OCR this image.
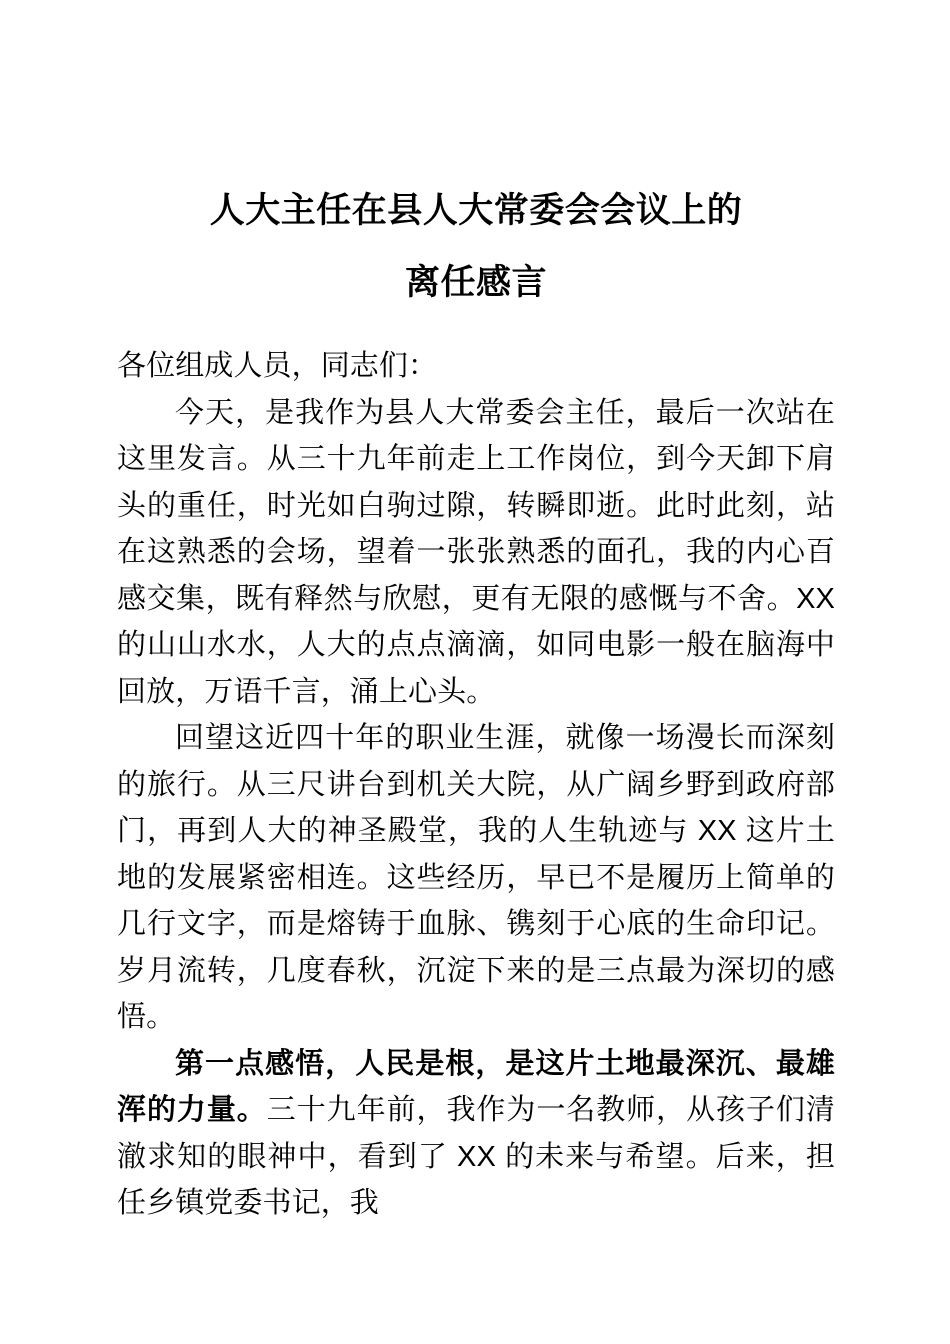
人大主任在县人大常委会会议上的
离任感言

各位组成人员，同志们：

今天，是我作为县人大常委会主任，最后一次站在这里发言。从三十九年前走上工作岗位，到今天卸下肩头的重任，时光如白驹过隙，转瞬即逝。此时此刻，站在这熟悉的会场，望着一张张熟悉的面孔，我的内心百感交集，既有释然与欣慰，更有无限的感慨与不舍。XX 的山山水水，人大的点点滴滴，如同电影一般在脑海中回放，万语千言，涌上心头。

回望这近四十年的职业生涯，就像一场漫长而深刻的旅行。从三尺讲台到机关大院，从广阔乡野到政府部门，再到人大的神圣殿堂，我的人生轨迹与 XX 这片土地的发展紧密相连。这些经历，早已不是履历上简单的几行文字，而是熔铸于血脉、镌刻于心底的生命印记。岁月流转，几度春秋，沉淀下来的是三点最为深切的感悟。

第一点感悟，人民是根，是这片土地最深沉、最雄浑的力量。三十九年前，我作为一名教师，从孩子们清澈求知的眼神中，看到了 XX 的未来与希望。后来，担任乡镇党委书记，我
